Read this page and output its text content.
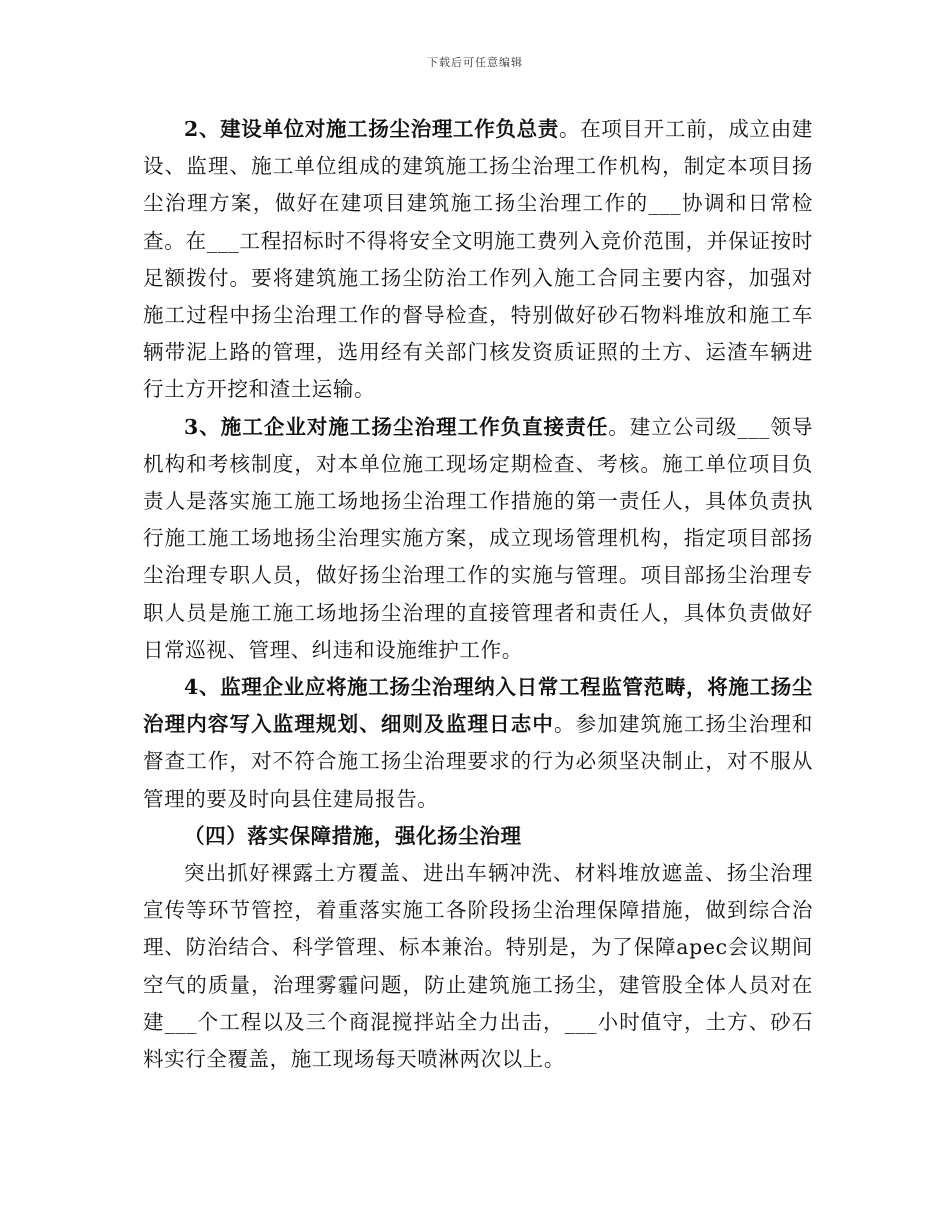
下载后可任意编辑

2、建设单位对施工扬尘治理工作负总责。在项目开工前，成立由建设、监理、施工单位组成的建筑施工扬尘治理工作机构，制定本项目扬尘治理方案，做好在建项目建筑施工扬尘治理工作的___协调和日常检查。在___工程招标时不得将安全文明施工费列入竞价范围，并保证按时足额拨付。要将建筑施工扬尘防治工作列入施工合同主要内容，加强对施工过程中扬尘治理工作的督导检查，特别做好砂石物料堆放和施工车辆带泥上路的管理，选用经有关部门核发资质证照的土方、运渣车辆进行土方开挖和渣土运输。

3、施工企业对施工扬尘治理工作负直接责任。建立公司级___领导机构和考核制度，对本单位施工现场定期检查、考核。施工单位项目负责人是落实施工施工场地扬尘治理工作措施的第一责任人，具体负责执行施工施工场地扬尘治理实施方案，成立现场管理机构，指定项目部扬尘治理专职人员，做好扬尘治理工作的实施与管理。项目部扬尘治理专职人员是施工施工场地扬尘治理的直接管理者和责任人，具体负责做好日常巡视、管理、纠违和设施维护工作。

4、监理企业应将施工扬尘治理纳入日常工程监管范畴，将施工扬尘治理内容写入监理规划、细则及监理日志中。参加建筑施工扬尘治理和督查工作，对不符合施工扬尘治理要求的行为必须坚决制止，对不服从管理的要及时向县住建局报告。

（四）落实保障措施，强化扬尘治理

突出抓好裸露土方覆盖、进出车辆冲洗、材料堆放遮盖、扬尘治理宣传等环节管控，着重落实施工各阶段扬尘治理保障措施，做到综合治理、防治结合、科学管理、标本兼治。特别是，为了保障apec会议期间空气的质量，治理雾霾问题，防止建筑施工扬尘，建管股全体人员对在建___个工程以及三个商混搅拌站全力出击，___小时值守，土方、砂石料实行全覆盖，施工现场每天喷淋两次以上。
